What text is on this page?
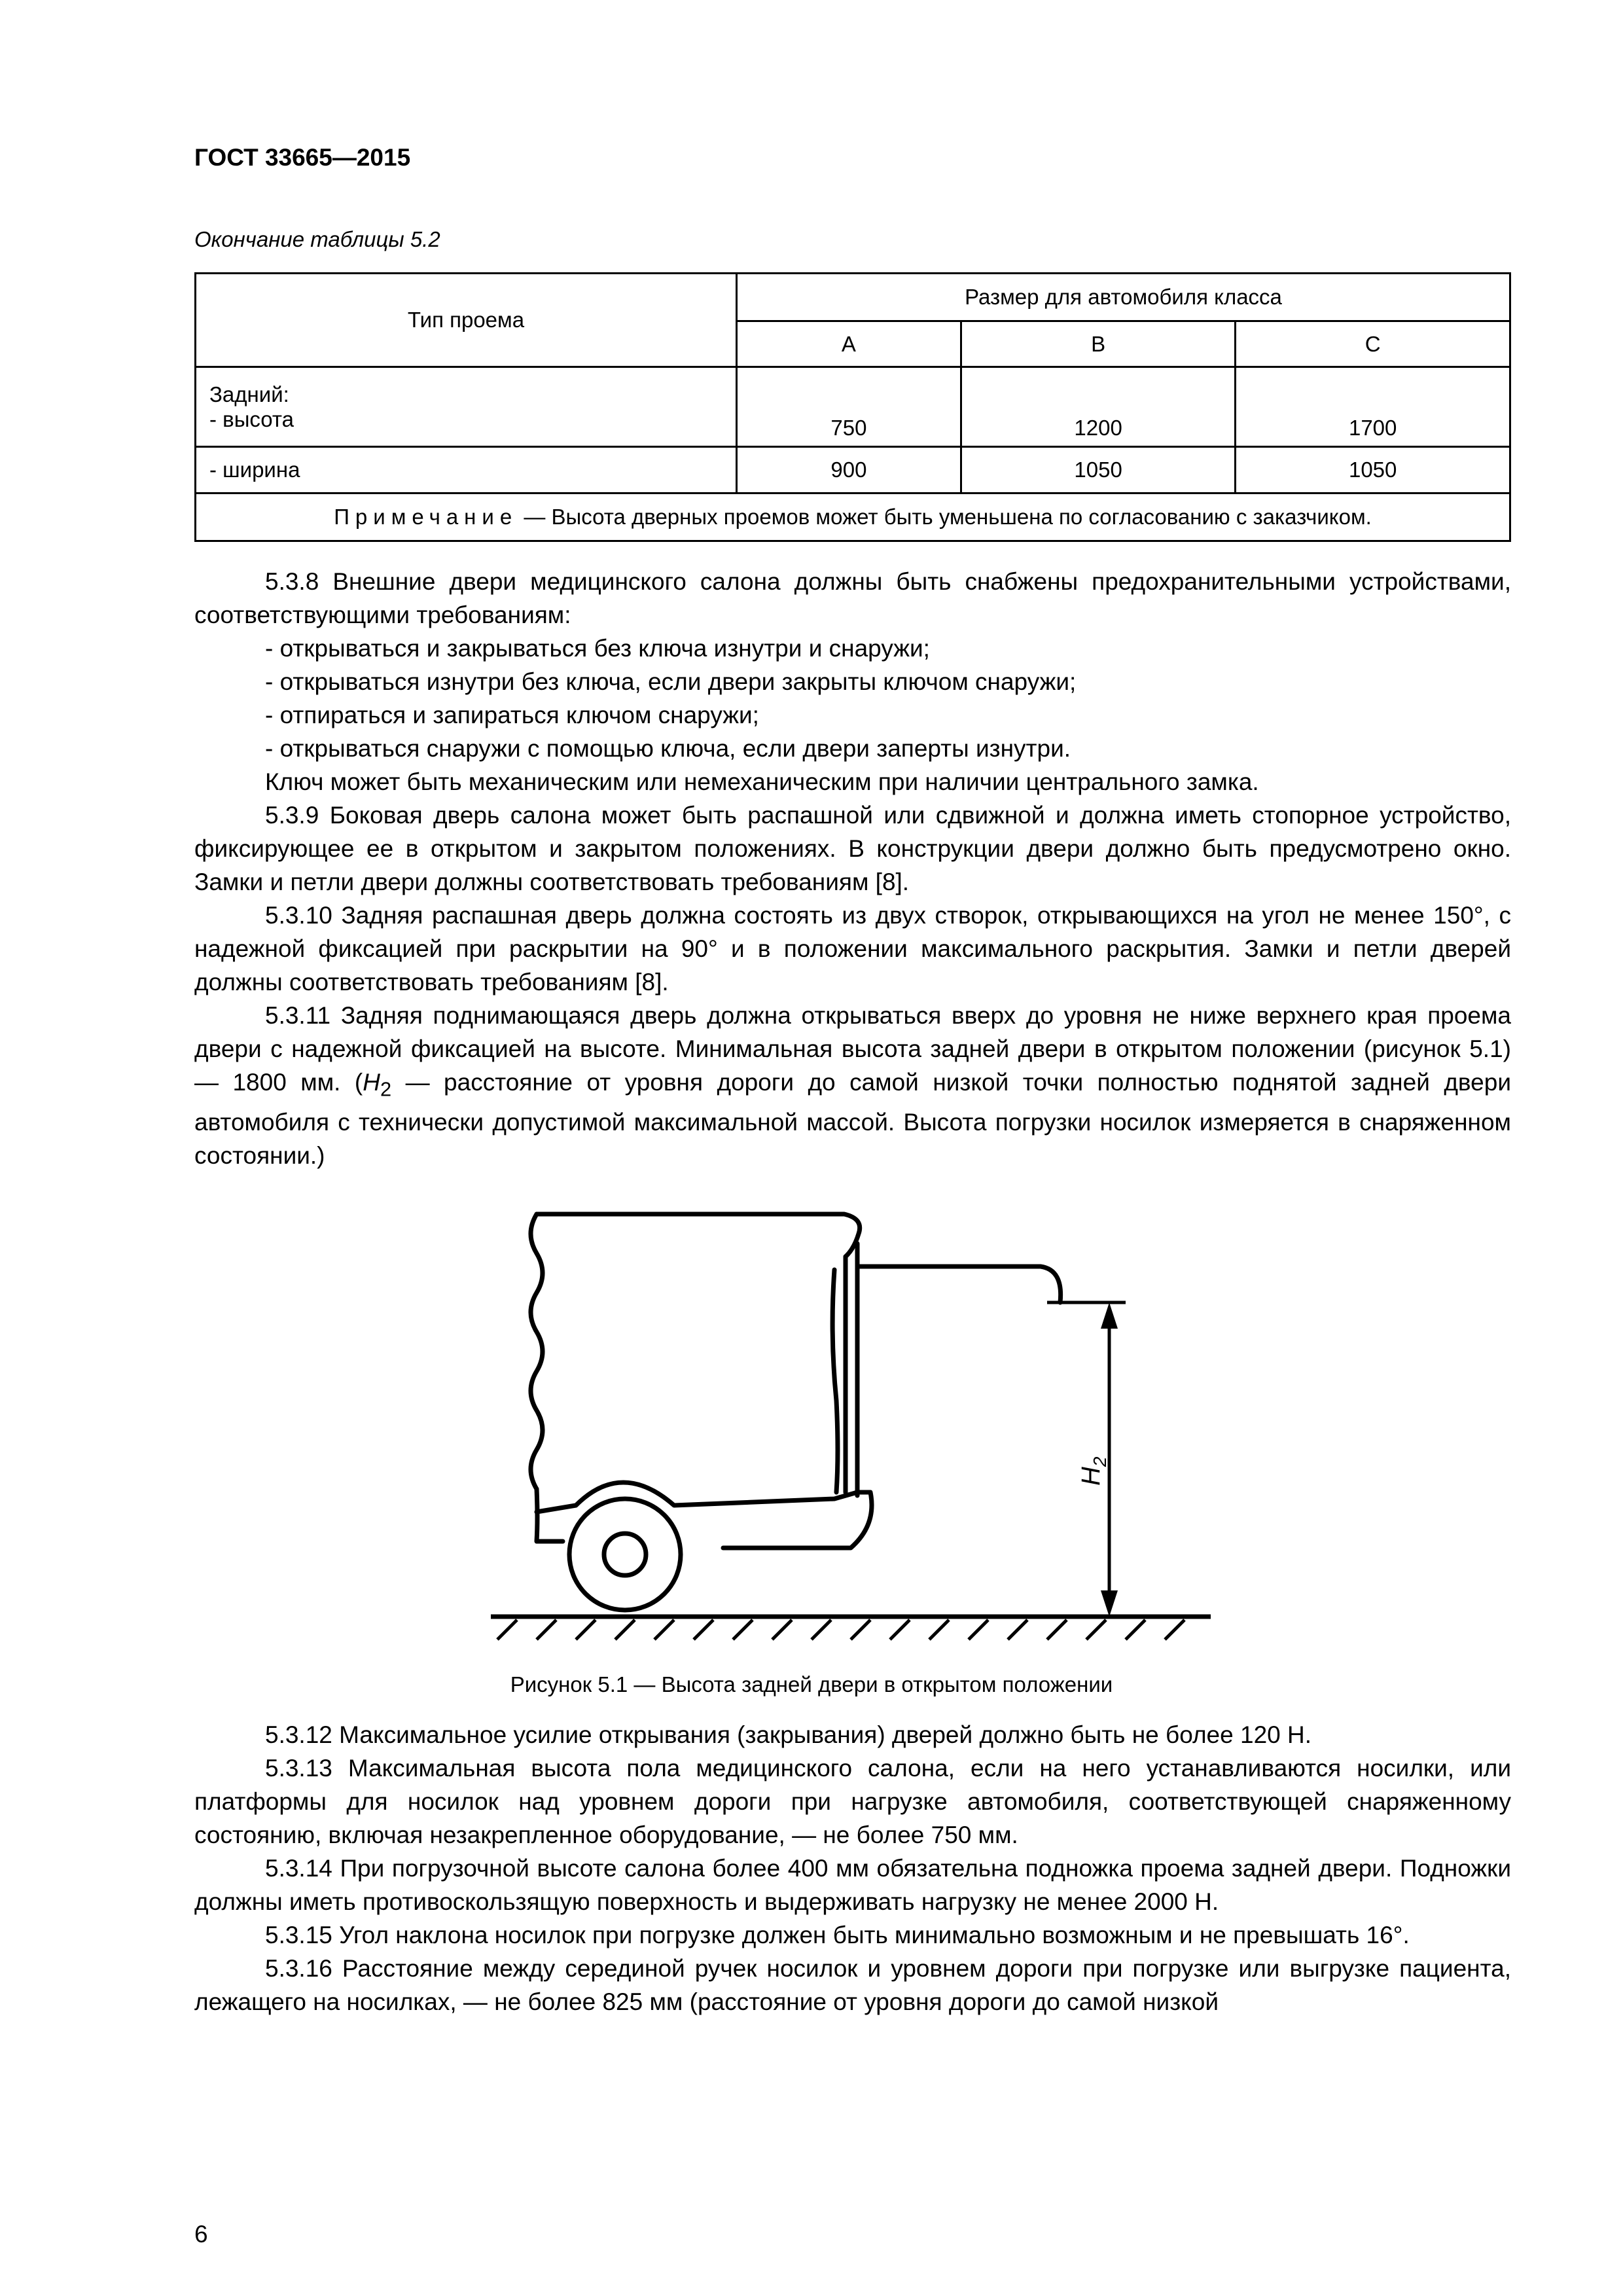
ГОСТ 33665—2015
Окончание таблицы 5.2
Тип проема	Размер для автомобиля класса		
	A	B	C
Задний:
- высота	750	1200	1700
- ширина	900	1050	1050
Примечание — Высота дверных проемов может быть уменьшена по согласованию с заказчиком.			

5.3.8 Внешние двери медицинского салона должны быть снабжены предохранительными устройствами, соответствующими требованиям:

- открываться и закрываться без ключа изнутри и снаружи;
- открываться изнутри без ключа, если двери закрыты ключом снаружи;
- отпираться и запираться ключом снаружи;
- открываться снаружи с помощью ключа, если двери заперты изнутри.

Ключ может быть механическим или немеханическим при наличии центрального замка.

5.3.9 Боковая дверь салона может быть распашной или сдвижной и должна иметь стопорное устройство, фиксирующее ее в открытом и закрытом положениях. В конструкции двери должно быть предусмотрено окно. Замки и петли двери должны соответствовать требованиям [8].

5.3.10 Задняя распашная дверь должна состоять из двух створок, открывающихся на угол не менее 150°, с надежной фиксацией при раскрытии на 90° и в положении максимального раскрытия. Замки и петли дверей должны соответствовать требованиям [8].

5.3.11 Задняя поднимающаяся дверь должна открываться вверх до уровня не ниже верхнего края проема двери с надежной фиксацией на высоте. Минимальная высота задней двери в открытом положении (рисунок 5.1) — 1800 мм. ($H_2$ — расстояние от уровня дороги до самой низкой точки полностью поднятой задней двери автомобиля с технически допустимой максимальной массой. Высота погрузки носилок измеряется в снаряженном состоянии.)

$H_2$
Рисунок 5.1 — Высота задней двери в открытом положении

5.3.12 Максимальное усилие открывания (закрывания) дверей должно быть не более 120 Н.

5.3.13 Максимальная высота пола медицинского салона, если на него устанавливаются носилки, или платформы для носилок над уровнем дороги при нагрузке автомобиля, соответствующей снаряженному состоянию, включая незакрепленное оборудование, — не более 750 мм.

5.3.14 При погрузочной высоте салона более 400 мм обязательна подножка проема задней двери. Подножки должны иметь противоскользящую поверхность и выдерживать нагрузку не менее 2000 Н.

5.3.15 Угол наклона носилок при погрузке должен быть минимально возможным и не превышать 16°.

5.3.16 Расстояние между серединой ручек носилок и уровнем дороги при погрузке или выгрузке пациента, лежащего на носилках, — не более 825 мм (расстояние от уровня дороги до самой низкой

6
